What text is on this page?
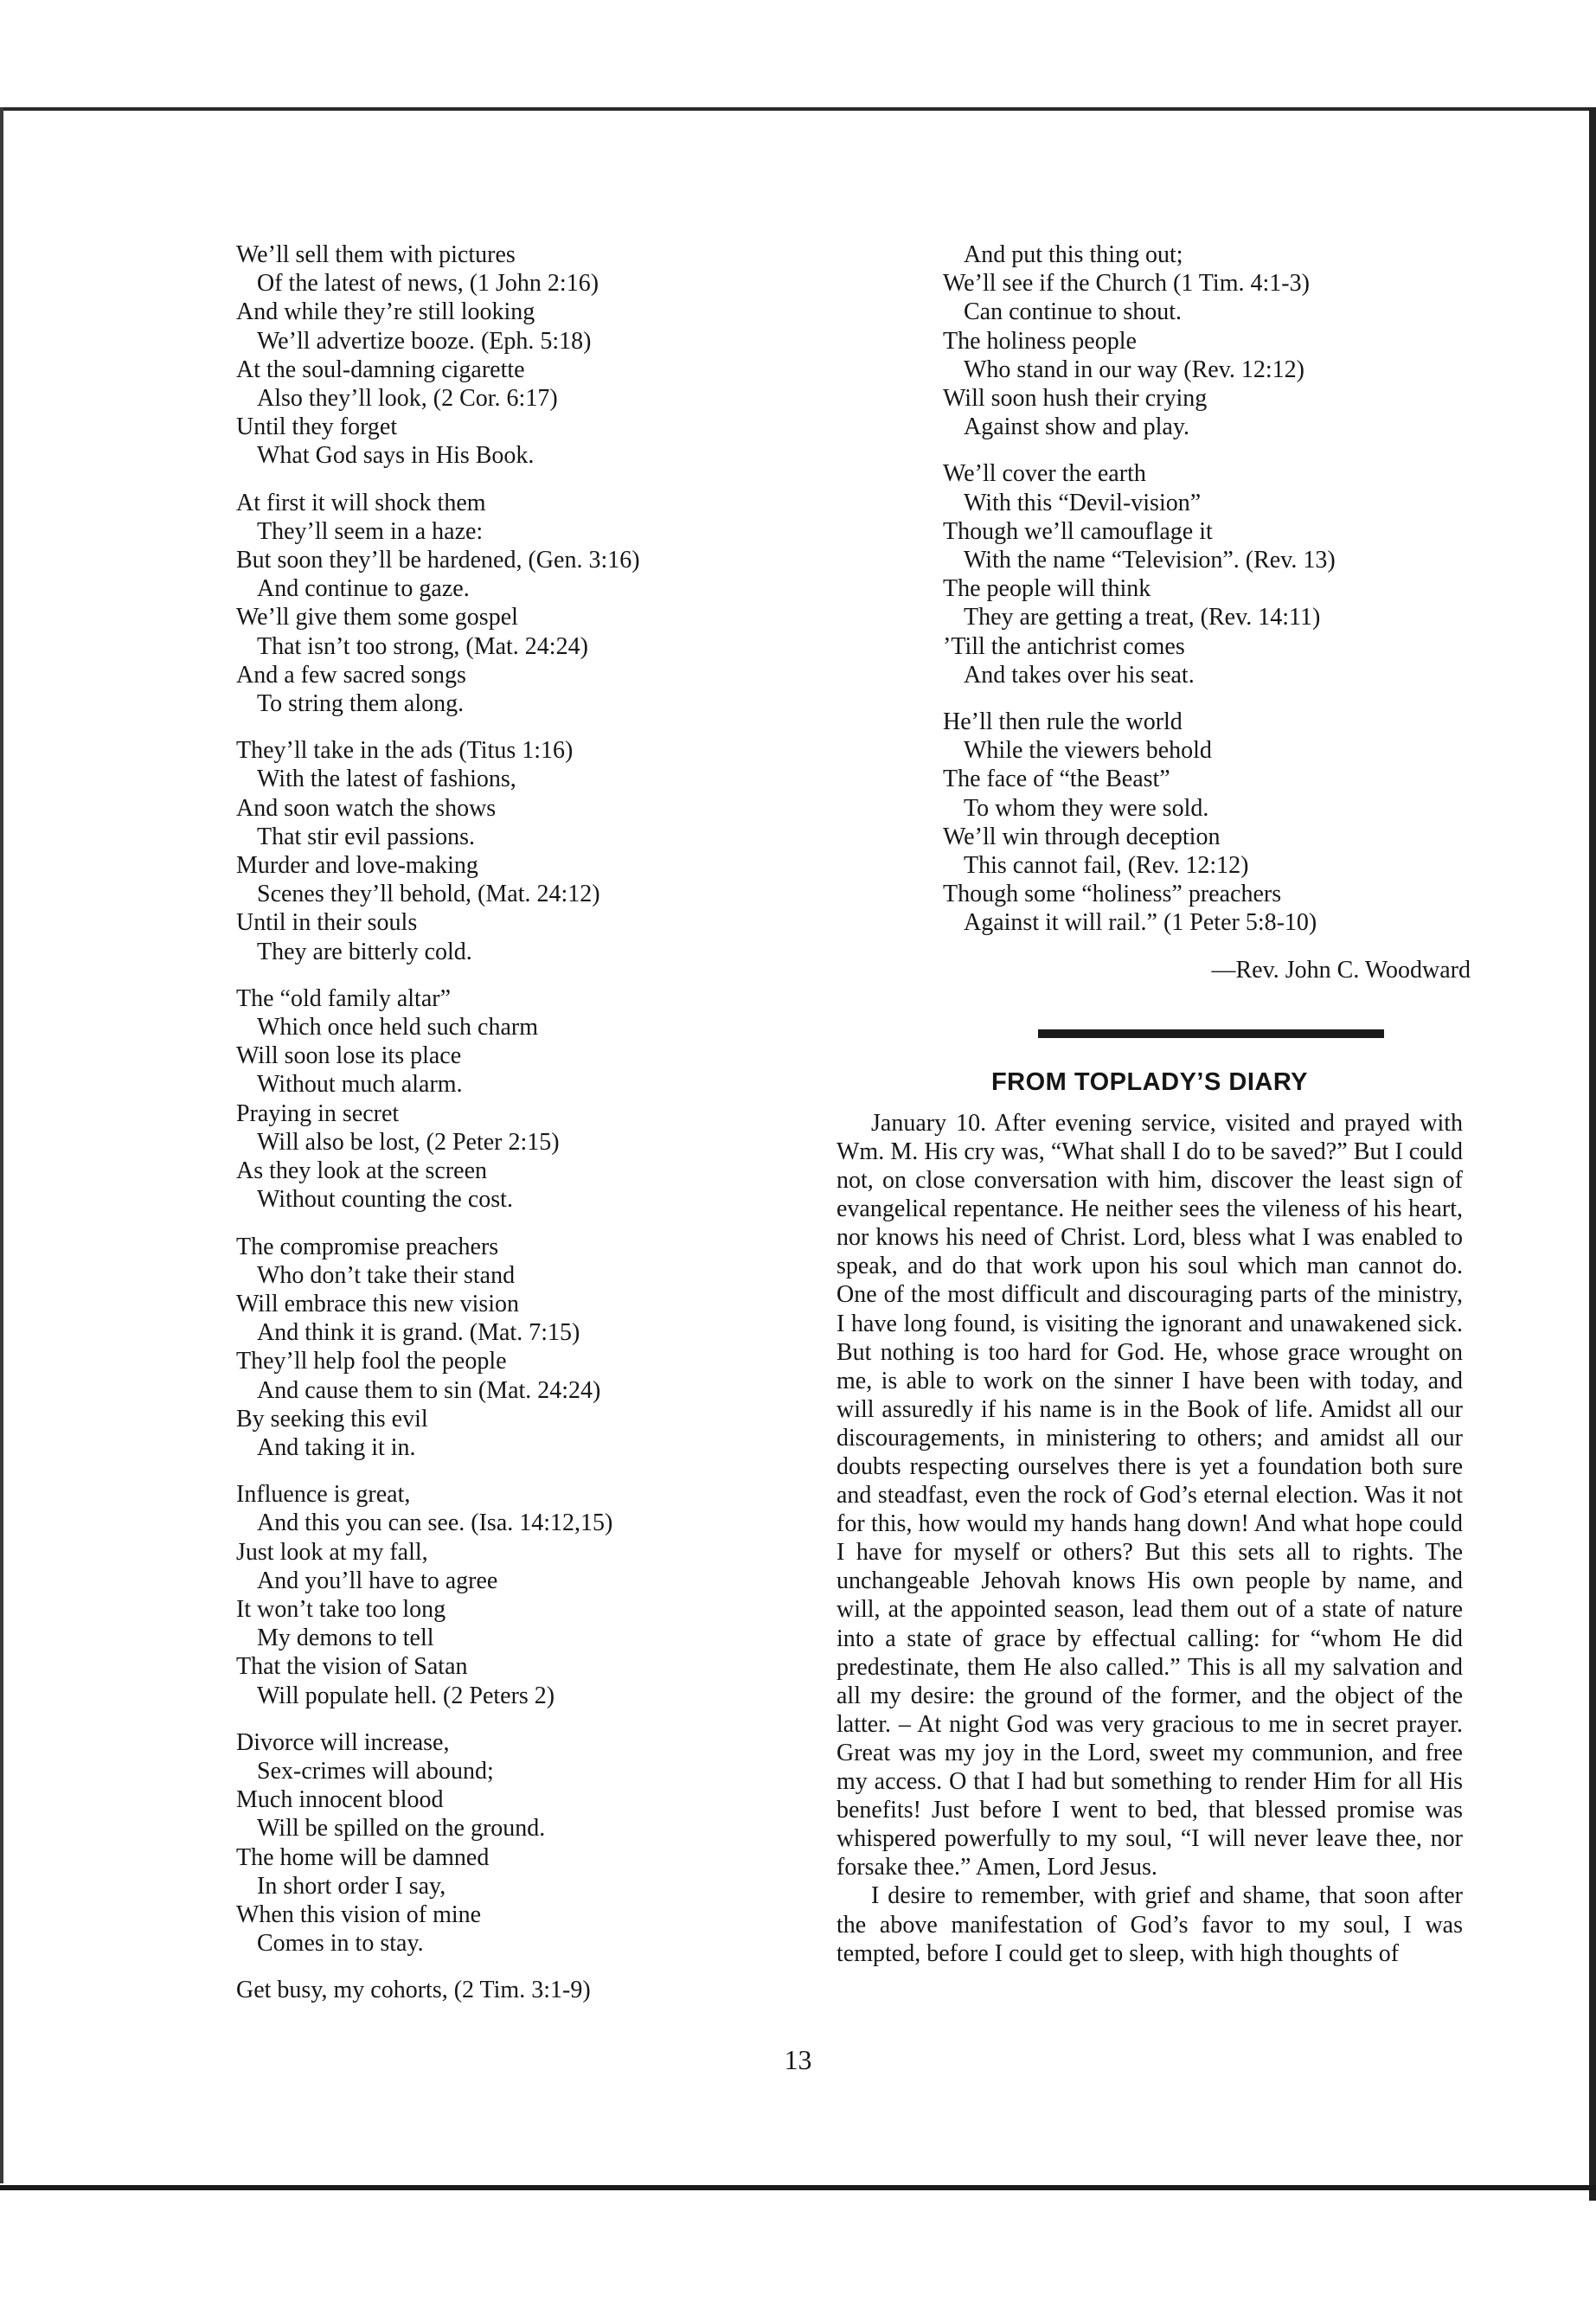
We’ll sell them with pictures
Of the latest of news, (1 John 2:16)
And while they’re still looking
We’ll advertize booze. (Eph. 5:18)
At the soul-damning cigarette
Also they’ll look, (2 Cor. 6:17)
Until they forget
What God says in His Book.
At first it will shock them
They’ll seem in a haze:
But soon they’ll be hardened, (Gen. 3:16)
And continue to gaze.
We’ll give them some gospel
That isn’t too strong, (Mat. 24:24)
And a few sacred songs
To string them along.
They’ll take in the ads (Titus 1:16)
With the latest of fashions,
And soon watch the shows
That stir evil passions.
Murder and love-making
Scenes they’ll behold, (Mat. 24:12)
Until in their souls
They are bitterly cold.
The “old family altar”
Which once held such charm
Will soon lose its place
Without much alarm.
Praying in secret
Will also be lost, (2 Peter 2:15)
As they look at the screen
Without counting the cost.
The compromise preachers
Who don’t take their stand
Will embrace this new vision
And think it is grand. (Mat. 7:15)
They’ll help fool the people
And cause them to sin (Mat. 24:24)
By seeking this evil
And taking it in.
Influence is great,
And this you can see. (Isa. 14:12,15)
Just look at my fall,
And you’ll have to agree
It won’t take too long
My demons to tell
That the vision of Satan
Will populate hell. (2 Peters 2)
Divorce will increase,
Sex-crimes will abound;
Much innocent blood
Will be spilled on the ground.
The home will be damned
In short order I say,
When this vision of mine
Comes in to stay.
Get busy, my cohorts, (2 Tim. 3:1-9)
And put this thing out;
We’ll see if the Church (1 Tim. 4:1-3)
Can continue to shout.
The holiness people
Who stand in our way (Rev. 12:12)
Will soon hush their crying
Against show and play.
We’ll cover the earth
With this “Devil-vision”
Though we’ll camouflage it
With the name “Television”. (Rev. 13)
The people will think
They are getting a treat, (Rev. 14:11)
’Till the antichrist comes
And takes over his seat.
He’ll then rule the world
While the viewers behold
The face of “the Beast”
To whom they were sold.
We’ll win through deception
This cannot fail, (Rev. 12:12)
Though some “holiness” preachers
Against it will rail.” (1 Peter 5:8-10)
—Rev. John C. Woodward
FROM TOPLADY’S DIARY

January 10. After evening service, visited and prayed with Wm. M. His cry was, “What shall I do to be saved?” But I could not, on close conversation with him, discover the least sign of evangelical repentance. He neither sees the vileness of his heart, nor knows his need of Christ. Lord, bless what I was enabled to speak, and do that work upon his soul which man cannot do. One of the most difficult and discouraging parts of the ministry, I have long found, is visiting the ignorant and unawakened sick. But nothing is too hard for God. He, whose grace wrought on me, is able to work on the sinner I have been with today, and will assuredly if his name is in the Book of life. Amidst all our discouragements, in ministering to others; and amidst all our doubts respecting ourselves there is yet a foundation both sure and steadfast, even the rock of God’s eternal election. Was it not for this, how would my hands hang down! And what hope could I have for myself or others? But this sets all to rights. The unchangeable Jehovah knows His own people by name, and will, at the appointed season, lead them out of a state of nature into a state of grace by effectual calling: for “whom He did predestinate, them He also called.” This is all my salvation and all my desire: the ground of the former, and the object of the latter. – At night God was very gracious to me in secret prayer. Great was my joy in the Lord, sweet my communion, and free my access. O that I had but something to render Him for all His benefits! Just before I went to bed, that blessed promise was whispered powerfully to my soul, “I will never leave thee, nor forsake thee.” Amen, Lord Jesus.

I desire to remember, with grief and shame, that soon after the above manifestation of God’s favor to my soul, I was tempted, before I could get to sleep, with high thoughts of

13
